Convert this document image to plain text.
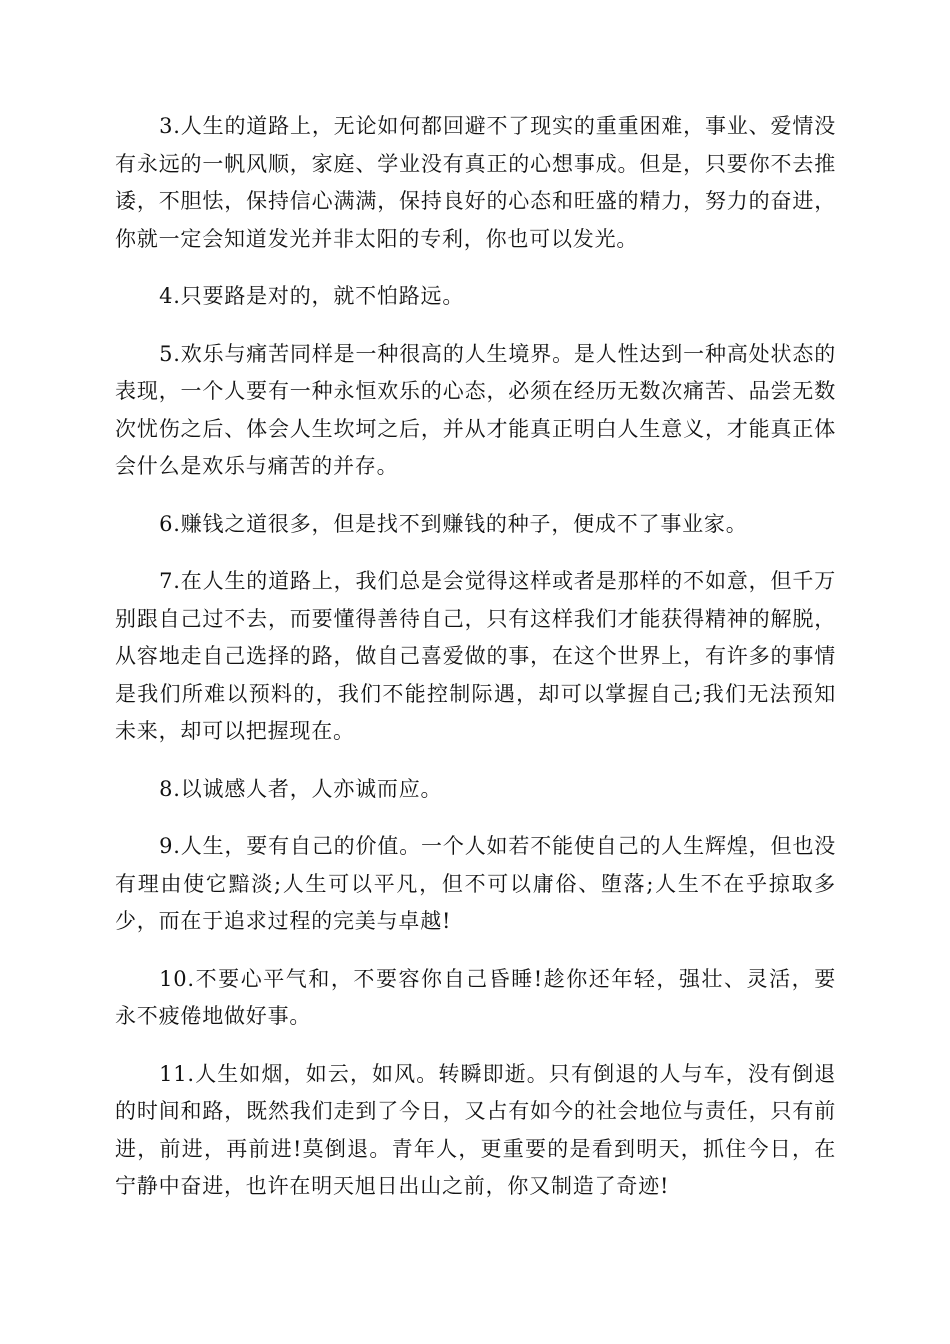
3.人生的道路上，无论如何都回避不了现实的重重困难，事业、爱情没有永远的一帆风顺，家庭、学业没有真正的心想事成。但是，只要你不去推诿，不胆怯，保持信心满满，保持良好的心态和旺盛的精力，努力的奋进，你就一定会知道发光并非太阳的专利，你也可以发光。

4.只要路是对的，就不怕路远。

5.欢乐与痛苦同样是一种很高的人生境界。是人性达到一种高处状态的表现，一个人要有一种永恒欢乐的心态，必须在经历无数次痛苦、品尝无数次忧伤之后、体会人生坎坷之后，并从才能真正明白人生意义，才能真正体会什么是欢乐与痛苦的并存。

6.赚钱之道很多，但是找不到赚钱的种子，便成不了事业家。

7.在人生的道路上，我们总是会觉得这样或者是那样的不如意，但千万别跟自己过不去，而要懂得善待自己，只有这样我们才能获得精神的解脱，从容地走自己选择的路，做自己喜爱做的事，在这个世界上，有许多的事情是我们所难以预料的，我们不能控制际遇，却可以掌握自己;我们无法预知未来，却可以把握现在。

8.以诚感人者，人亦诚而应。

9.人生，要有自己的价值。一个人如若不能使自己的人生辉煌，但也没有理由使它黯淡;人生可以平凡，但不可以庸俗、堕落;人生不在乎掠取多少，而在于追求过程的完美与卓越!

10.不要心平气和，不要容你自己昏睡!趁你还年轻，强壮、灵活，要永不疲倦地做好事。

11.人生如烟，如云，如风。转瞬即逝。只有倒退的人与车，没有倒退的时间和路，既然我们走到了今日，又占有如今的社会地位与责任，只有前进，前进，再前进!莫倒退。青年人，更重要的是看到明天，抓住今日，在宁静中奋进，也许在明天旭日出山之前，你又制造了奇迹!
